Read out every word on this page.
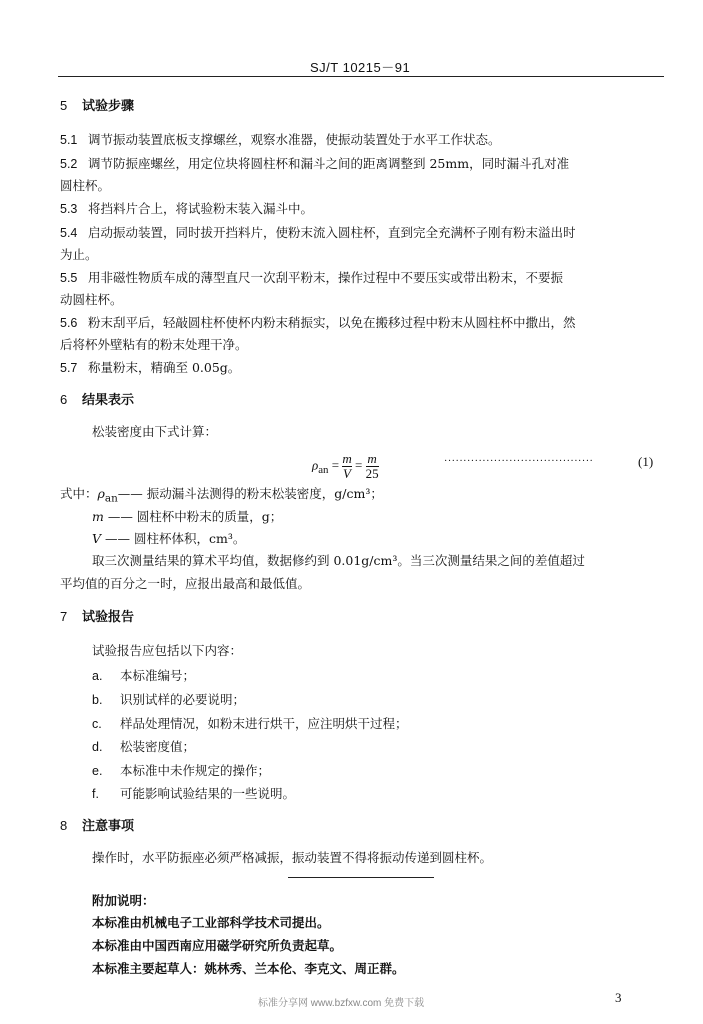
SJ/T 10215－91
5 试验步骤
5.1 调节振动装置底板支撑螺丝，观察水准器，使振动装置处于水平工作状态。
5.2 调节防振座螺丝，用定位块将圆柱杯和漏斗之间的距离调整到 25mm，同时漏斗孔对准
圆柱杯。
5.3 将挡料片合上，将试验粉末装入漏斗中。
5.4 启动振动装置，同时拔开挡料片，使粉末流入圆柱杯，直到完全充满杯子刚有粉末溢出时
为止。
5.5 用非磁性物质车成的薄型直尺一次刮平粉末，操作过程中不要压实或带出粉末，不要振
动圆柱杯。
5.6 粉末刮平后，轻敲圆柱杯使杯内粉末稍振实，以免在搬移过程中粉末从圆柱杯中撒出，然
后将杯外壁粘有的粉末处理干净。
5.7 称量粉末，精确至 0.05g。
6 结果表示
松装密度由下式计算：
$\rho_{an} = \frac{m}{V} = \frac{m}{25}$	·······································	(1)
式中：$\rho_{an}——$ 振动漏斗法测得的粉末松装密度，g/cm³；
m —— 圆柱杯中粉末的质量，g；
V —— 圆柱杯体积，cm³。
取三次测量结果的算术平均值，数据修约到 0.01g/cm³。当三次测量结果之间的差值超过
平均值的百分之一时，应报出最高和最低值。
7 试验报告
试验报告应包括以下内容：
a. 本标准编号；
b. 识别试样的必要说明；
c. 样品处理情况，如粉末进行烘干，应注明烘干过程；
d. 松装密度值；
e. 本标准中未作规定的操作；
f. 可能影响试验结果的一些说明。
8 注意事项
操作时，水平防振座必须严格减振，振动装置不得将振动传递到圆柱杯。
附加说明：
本标准由机械电子工业部科学技术司提出。
本标准由中国西南应用磁学研究所负责起草。
本标准主要起草人：姚林秀、兰本伦、李克文、周正群。
标准分享网 www.bzfxw.com 免费下载	3
